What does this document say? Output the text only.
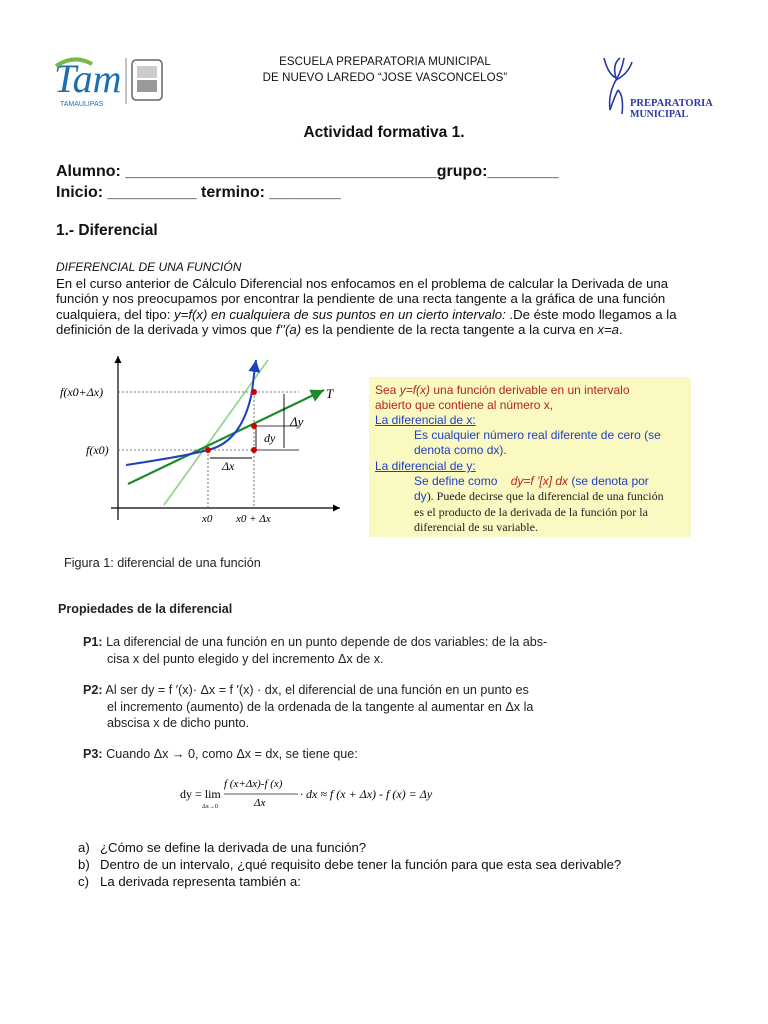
Tam
TAMAULIPAS
ESCUELA PREPARATORIA MUNICIPAL
DE NUEVO LAREDO “JOSE VASCONCELOS”
PREPARATORIA
MUNICIPAL
Actividad formativa 1.
Alumno: ___________________________________grupo:________
Inicio: __________ termino: ________
1.- Diferencial
DIFERENCIAL DE UNA FUNCIÓN
En el curso anterior de Cálculo Diferencial nos enfocamos en el problema de calcular la Derivada de una
función y nos preocupamos por encontrar la pendiente de una recta tangente a la gráfica de una función
cualquiera, del tipo: y=f(x) en cualquiera de sus puntos en un cierto intervalo: .De éste modo llegamos a la
definición de la derivada y vimos que f'’(a) es la pendiente de la recta tangente a la curva en x=a.
f(x0+Δx)
f(x0)
T
dy
Δy
Δx
x0 x0 + Δx
Sea y=f(x) una función derivable en un intervalo
abierto que contiene al número x,
La diferencial de x:
Es cualquier número real diferente de cero (se
denota como dx).
La diferencial de y:
Se define como dy=f '[x] dx (se denota por
dy). Puede decirse que la diferencial de una función
es el producto de la derivada de la función por la
diferencial de su variable.
Figura 1: diferencial de una función
Propiedades de la diferencial
P1: La diferencial de una función en un punto depende de dos variables: de la abs-
cisa x del punto elegido y del incremento Δx de x.
P2: Al ser dy = f ′(x)· Δx = f ′(x) · dx, el diferencial de una función en un punto es
el incremento (aumento) de la ordenada de la tangente al aumentar en Δx la
abscisa x de dicho punto.
P3: Cuando Δx → 0, como Δx = dx, se tiene que:
dy = lim
Δx→0
f (x+Δx)-f (x)
Δx
· dx ≈ f (x + Δx) - f (x) = Δy
a) ¿Cómo se define la derivada de una función?
b) Dentro de un intervalo, ¿qué requisito debe tener la función para que esta sea derivable?
c) La derivada representa también a:
